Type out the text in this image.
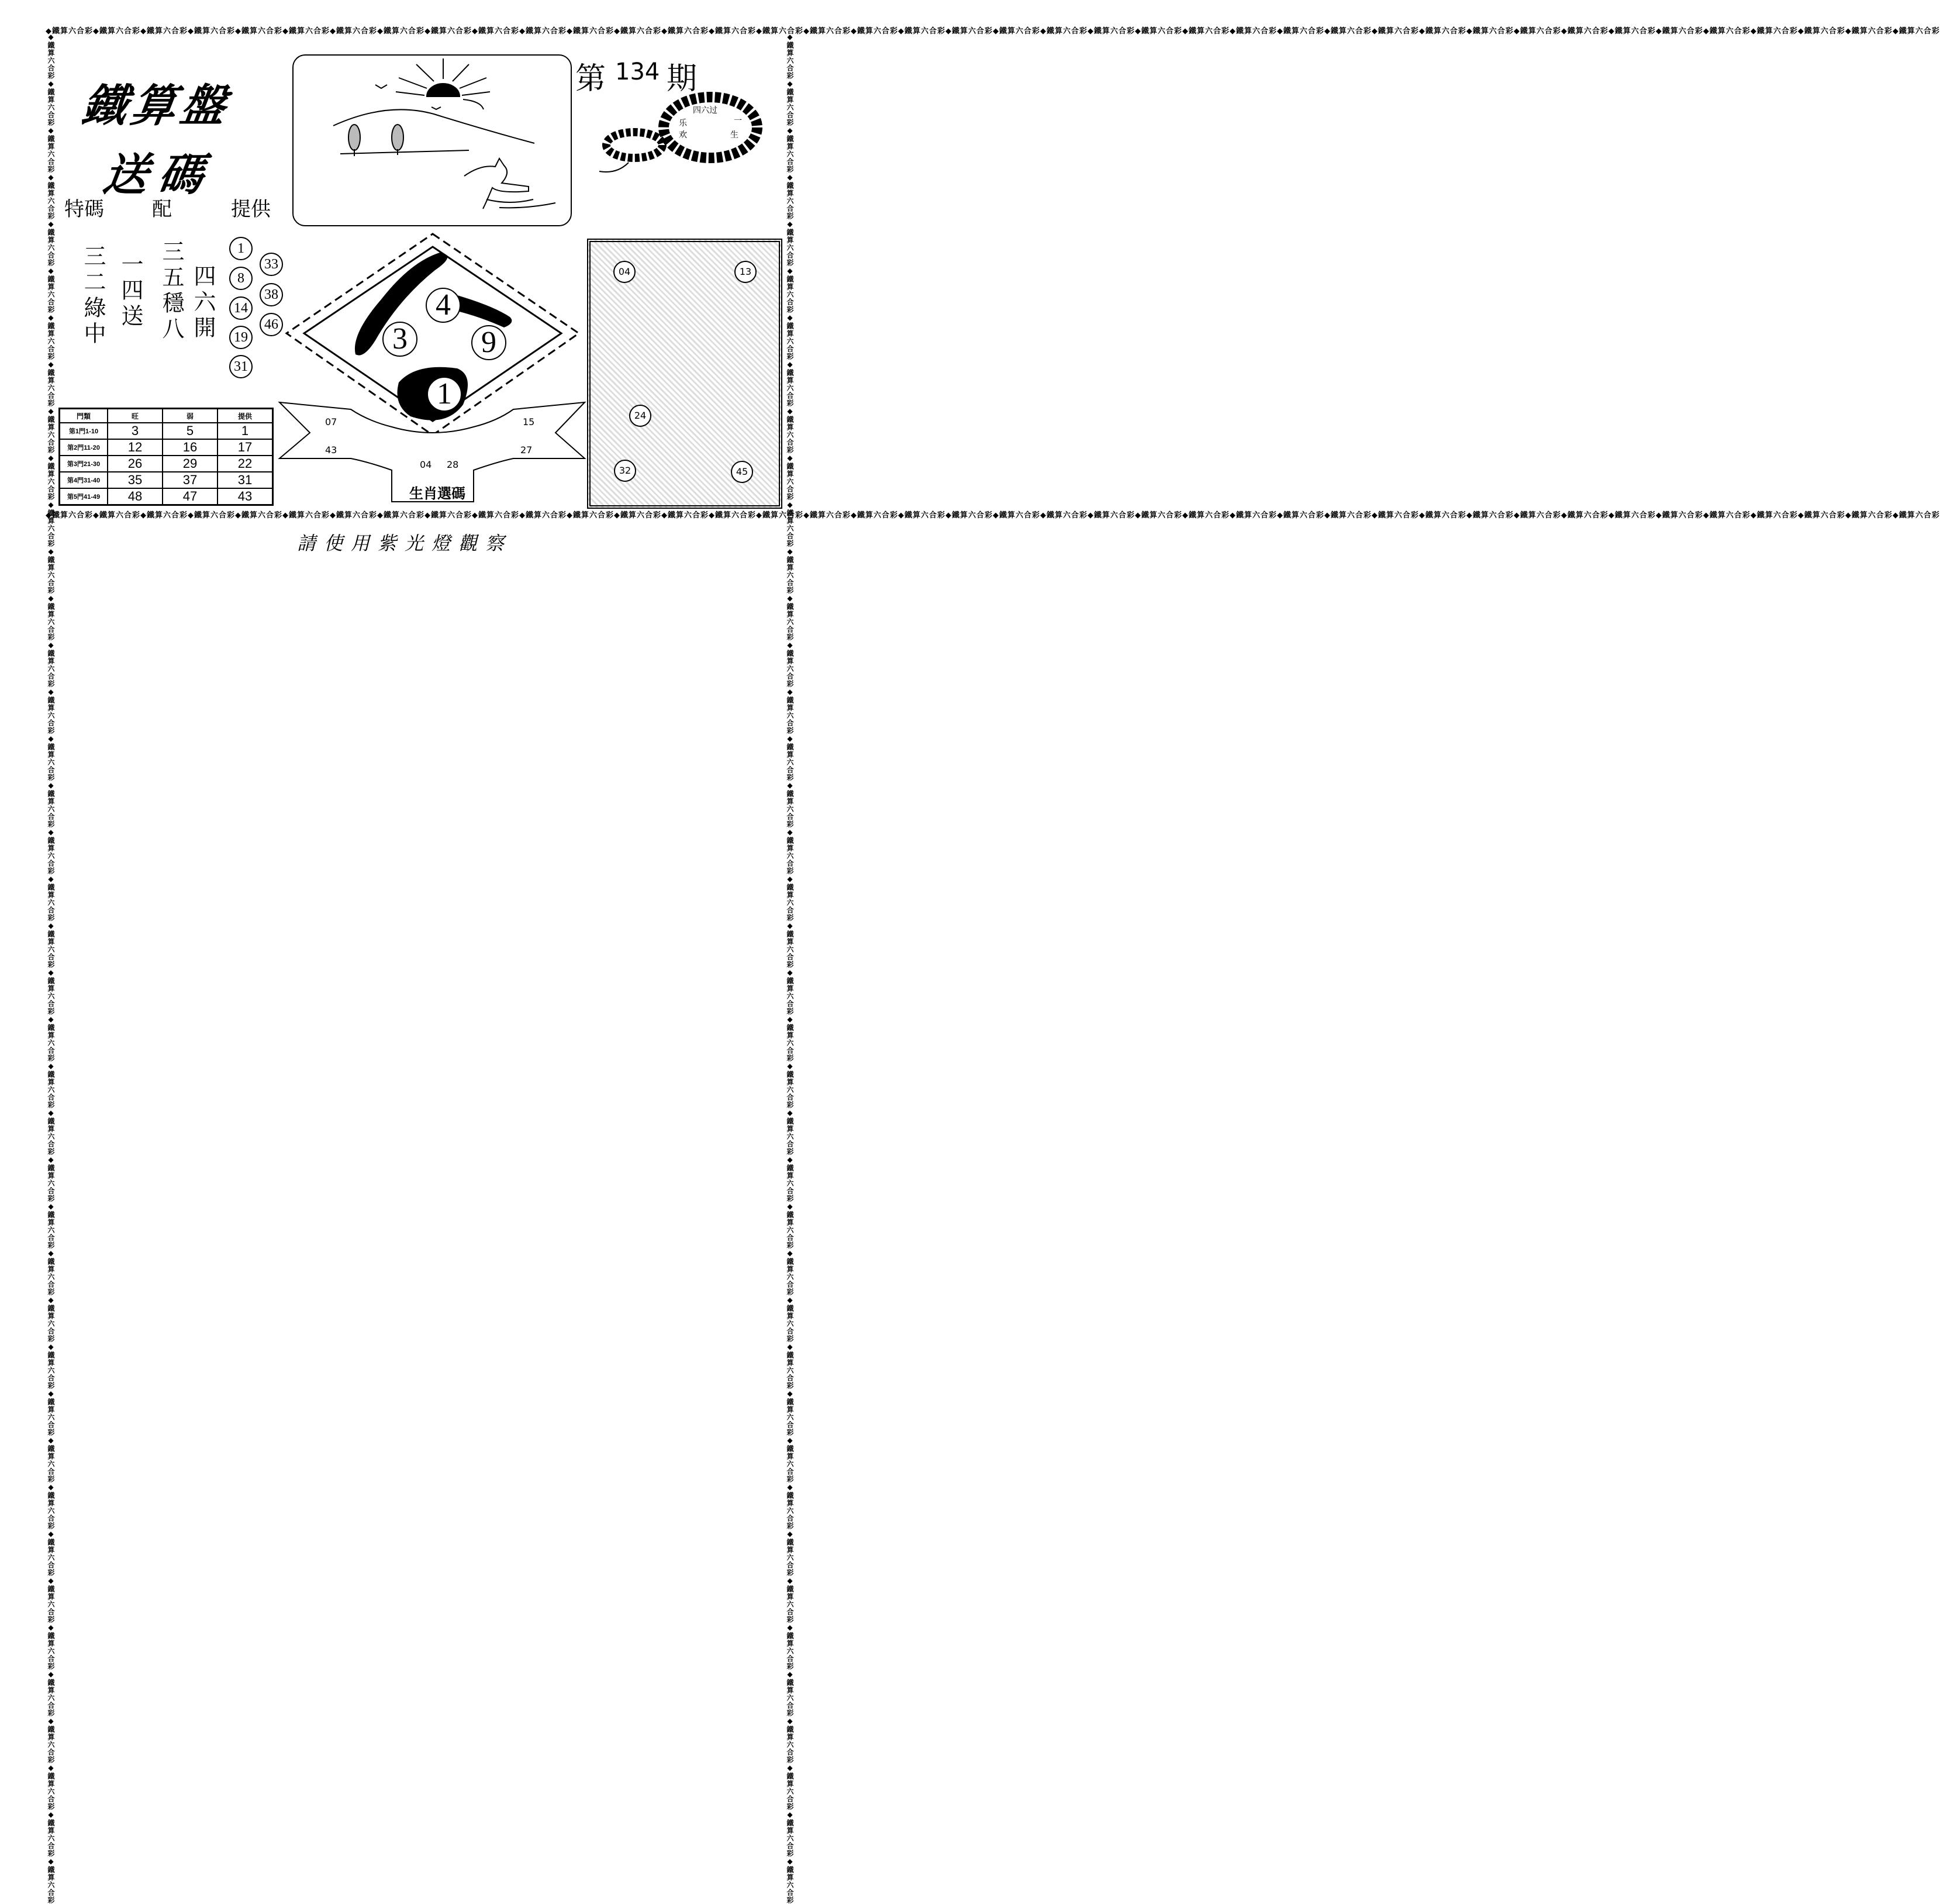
◆鐵算六合彩◆鐵算六合彩◆鐵算六合彩◆鐵算六合彩◆鐵算六合彩◆鐵算六合彩◆鐵算六合彩◆鐵算六合彩◆鐵算六合彩◆鐵算六合彩◆鐵算六合彩◆鐵算六合彩◆鐵算六合彩◆鐵算六合彩◆鐵算六合彩◆鐵算六合彩◆鐵算六合彩◆鐵算六合彩◆鐵算六合彩◆鐵算六合彩◆鐵算六合彩◆鐵算六合彩◆鐵算六合彩◆鐵算六合彩◆鐵算六合彩◆鐵算六合彩◆鐵算六合彩◆鐵算六合彩◆鐵算六合彩◆鐵算六合彩◆鐵算六合彩◆鐵算六合彩◆鐵算六合彩◆鐵算六合彩◆鐵算六合彩◆鐵算六合彩◆鐵算六合彩◆鐵算六合彩◆鐵算六合彩◆鐵算六合彩
◆鐵算六合彩◆鐵算六合彩◆鐵算六合彩◆鐵算六合彩◆鐵算六合彩◆鐵算六合彩◆鐵算六合彩◆鐵算六合彩◆鐵算六合彩◆鐵算六合彩◆鐵算六合彩◆鐵算六合彩◆鐵算六合彩◆鐵算六合彩◆鐵算六合彩◆鐵算六合彩◆鐵算六合彩◆鐵算六合彩◆鐵算六合彩◆鐵算六合彩◆鐵算六合彩◆鐵算六合彩◆鐵算六合彩◆鐵算六合彩◆鐵算六合彩◆鐵算六合彩◆鐵算六合彩◆鐵算六合彩◆鐵算六合彩◆鐵算六合彩◆鐵算六合彩◆鐵算六合彩◆鐵算六合彩◆鐵算六合彩◆鐵算六合彩◆鐵算六合彩◆鐵算六合彩◆鐵算六合彩◆鐵算六合彩◆鐵算六合彩
◆鐵算六合彩◆鐵算六合彩◆鐵算六合彩◆鐵算六合彩◆鐵算六合彩◆鐵算六合彩◆鐵算六合彩◆鐵算六合彩◆鐵算六合彩◆鐵算六合彩◆鐵算六合彩◆鐵算六合彩◆鐵算六合彩◆鐵算六合彩◆鐵算六合彩◆鐵算六合彩◆鐵算六合彩◆鐵算六合彩◆鐵算六合彩◆鐵算六合彩◆鐵算六合彩◆鐵算六合彩◆鐵算六合彩◆鐵算六合彩◆鐵算六合彩◆鐵算六合彩◆鐵算六合彩◆鐵算六合彩◆鐵算六合彩◆鐵算六合彩◆鐵算六合彩◆鐵算六合彩◆鐵算六合彩◆鐵算六合彩◆鐵算六合彩◆鐵算六合彩◆鐵算六合彩◆鐵算六合彩◆鐵算六合彩◆鐵算六合彩	◆鐵算六合彩◆鐵算六合彩◆鐵算六合彩◆鐵算六合彩◆鐵算六合彩◆鐵算六合彩◆鐵算六合彩◆鐵算六合彩◆鐵算六合彩◆鐵算六合彩◆鐵算六合彩◆鐵算六合彩◆鐵算六合彩◆鐵算六合彩◆鐵算六合彩◆鐵算六合彩◆鐵算六合彩◆鐵算六合彩◆鐵算六合彩◆鐵算六合彩◆鐵算六合彩◆鐵算六合彩◆鐵算六合彩◆鐵算六合彩◆鐵算六合彩◆鐵算六合彩◆鐵算六合彩◆鐵算六合彩◆鐵算六合彩◆鐵算六合彩◆鐵算六合彩◆鐵算六合彩◆鐵算六合彩◆鐵算六合彩◆鐵算六合彩◆鐵算六合彩◆鐵算六合彩◆鐵算六合彩◆鐵算六合彩◆鐵算六合彩
鐵算盤
送碼
特碼 配	提供
三二綠中 一四送 三五穩八 四六開
1
8
14
19
31
33
38
46
第 134 期
四六过
乐
欢	生
一
4
3	9
1
07
43
04 28
15
27
生肖選碼
04	13
24
32	45
門類	旺	弱	提供
第1門1-10	3	5	1
第2門11-20	12	16	17
第3門21-30	26	29	22
第4門31-40	35	37	31
第5門41-49	48	47	43
請使用紫光燈觀察
